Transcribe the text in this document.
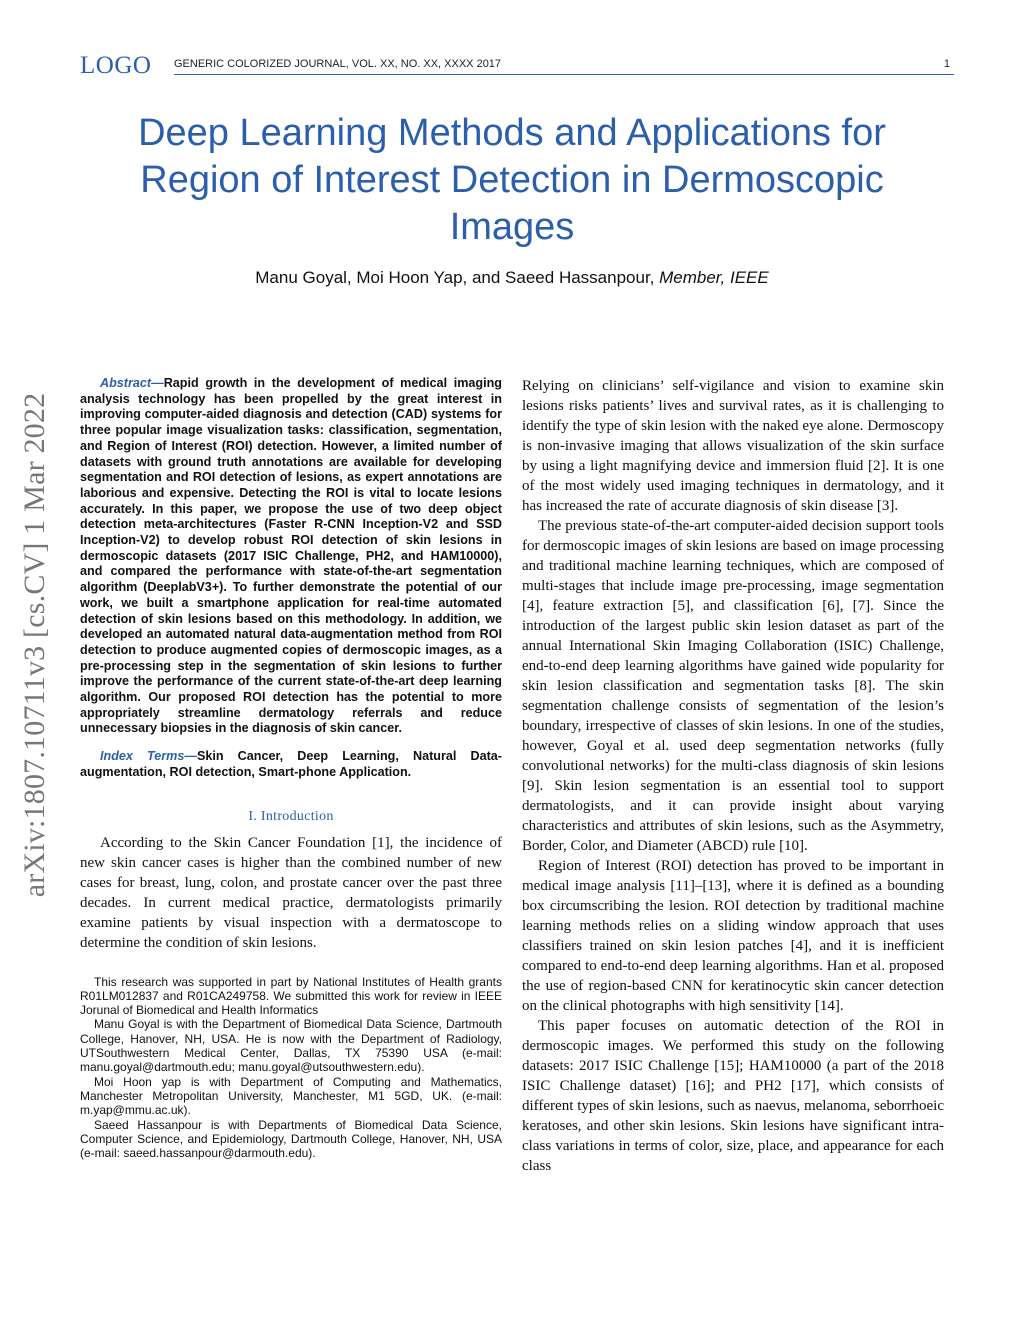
LOGO GENERIC COLORIZED JOURNAL, VOL. XX, NO. XX, XXXX 2017	1
Deep Learning Methods and Applications for Region of Interest Detection in Dermoscopic Images
Manu Goyal, Moi Hoon Yap, and Saeed Hassanpour, Member, IEEE
arXiv:1807.10711v3 [cs.CV] 1 Mar 2022

Abstract—Rapid growth in the development of medical imaging analysis technology has been propelled by the great interest in improving computer-aided diagnosis and detection (CAD) systems for three popular image visualization tasks: classification, segmentation, and Region of Interest (ROI) detection. However, a limited number of datasets with ground truth annotations are available for developing segmentation and ROI detection of lesions, as expert annotations are laborious and expensive. Detecting the ROI is vital to locate lesions accurately. In this paper, we propose the use of two deep object detection meta-architectures (Faster R-CNN Inception-V2 and SSD Inception-V2) to develop robust ROI detection of skin lesions in dermoscopic datasets (2017 ISIC Challenge, PH2, and HAM10000), and compared the performance with state-of-the-art segmentation algorithm (DeeplabV3+). To further demonstrate the potential of our work, we built a smartphone application for real-time automated detection of skin lesions based on this methodology. In addition, we developed an automated natural data-augmentation method from ROI detection to produce augmented copies of dermoscopic images, as a pre-processing step in the segmentation of skin lesions to further improve the performance of the current state-of-the-art deep learning algorithm. Our proposed ROI detection has the potential to more appropriately streamline dermatology referrals and reduce unnecessary biopsies in the diagnosis of skin cancer.

Index Terms—Skin Cancer, Deep Learning, Natural Data-augmentation, ROI detection, Smart-phone Application.

I. Introduction

According to the Skin Cancer Foundation [1], the incidence of new skin cancer cases is higher than the combined number of new cases for breast, lung, colon, and prostate cancer over the past three decades. In current medical practice, dermatologists primarily examine patients by visual inspection with a dermatoscope to determine the condition of skin lesions.

This research was supported in part by National Institutes of Health grants R01LM012837 and R01CA249758. We submitted this work for review in IEEE Jorunal of Biomedical and Health Informatics

Manu Goyal is with the Department of Biomedical Data Science, Dartmouth College, Hanover, NH, USA. He is now with the Department of Radiology, UTSouthwestern Medical Center, Dallas, TX 75390 USA (e-mail: manu.goyal@dartmouth.edu; manu.goyal@utsouthwestern.edu).

Moi Hoon yap is with Department of Computing and Mathematics, Manchester Metropolitan University, Manchester, M1 5GD, UK. (e-mail: m.yap@mmu.ac.uk).

Saeed Hassanpour is with Departments of Biomedical Data Science, Computer Science, and Epidemiology, Dartmouth College, Hanover, NH, USA (e-mail: saeed.hassanpour@darmouth.edu).

Relying on clinicians’ self-vigilance and vision to examine skin lesions risks patients’ lives and survival rates, as it is challenging to identify the type of skin lesion with the naked eye alone. Dermoscopy is non-invasive imaging that allows visualization of the skin surface by using a light magnifying device and immersion fluid [2]. It is one of the most widely used imaging techniques in dermatology, and it has increased the rate of accurate diagnosis of skin disease [3].

The previous state-of-the-art computer-aided decision support tools for dermoscopic images of skin lesions are based on image processing and traditional machine learning techniques, which are composed of multi-stages that include image pre-processing, image segmentation [4], feature extraction [5], and classification [6], [7]. Since the introduction of the largest public skin lesion dataset as part of the annual International Skin Imaging Collaboration (ISIC) Challenge, end-to-end deep learning algorithms have gained wide popularity for skin lesion classification and segmentation tasks [8]. The skin segmentation challenge consists of segmentation of the lesion’s boundary, irrespective of classes of skin lesions. In one of the studies, however, Goyal et al. used deep segmentation networks (fully convolutional networks) for the multi-class diagnosis of skin lesions [9]. Skin lesion segmentation is an essential tool to support dermatologists, and it can provide insight about varying characteristics and attributes of skin lesions, such as the Asymmetry, Border, Color, and Diameter (ABCD) rule [10].

Region of Interest (ROI) detection has proved to be important in medical image analysis [11]–[13], where it is defined as a bounding box circumscribing the lesion. ROI detection by traditional machine learning methods relies on a sliding window approach that uses classifiers trained on skin lesion patches [4], and it is inefficient compared to end-to-end deep learning algorithms. Han et al. proposed the use of region-based CNN for keratinocytic skin cancer detection on the clinical photographs with high sensitivity [14].

This paper focuses on automatic detection of the ROI in dermoscopic images. We performed this study on the following datasets: 2017 ISIC Challenge [15]; HAM10000 (a part of the 2018 ISIC Challenge dataset) [16]; and PH2 [17], which consists of different types of skin lesions, such as naevus, melanoma, seborrhoeic keratoses, and other skin lesions. Skin lesions have significant intra-class variations in terms of color, size, place, and appearance for each class
